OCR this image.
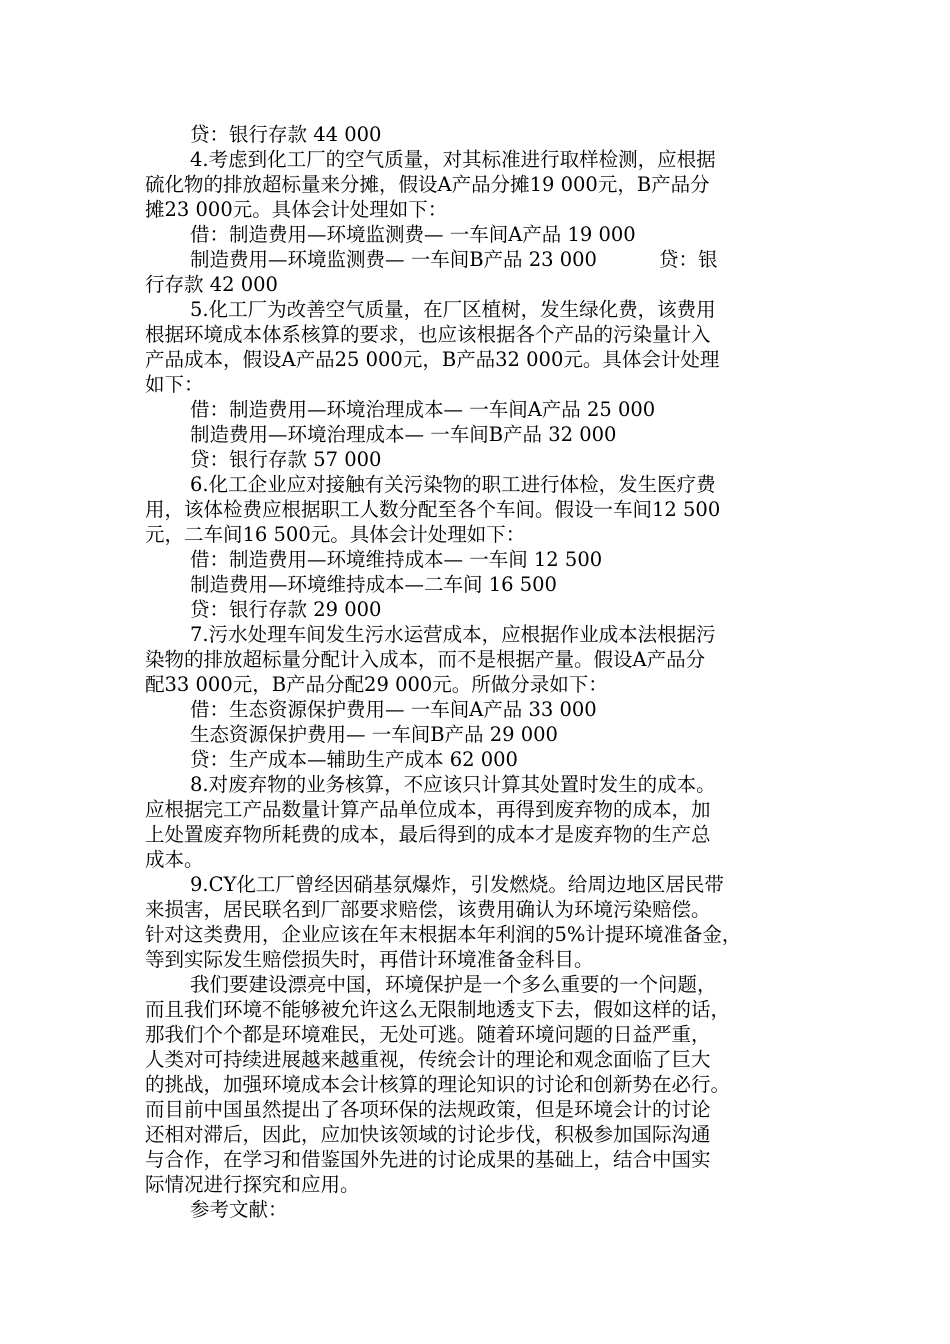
贷：银行存款 44 000
4.考虑到化工厂的空气质量，对其标准进行取样检测，应根据
硫化物的排放超标量来分摊，假设A产品分摊19 000元，B产品分
摊23 000元。具体会计处理如下：
借：制造费用—环境监测费— 一车间A产品 19 000
制造费用—环境监测费— 一车间B产品 23 000          贷：银
行存款 42 000
5.化工厂为改善空气质量，在厂区植树，发生绿化费，该费用
根据环境成本体系核算的要求，也应该根据各个产品的污染量计入
产品成本，假设A产品25 000元，B产品32 000元。具体会计处理
如下：
借：制造费用—环境治理成本— 一车间A产品 25 000
制造费用—环境治理成本— 一车间B产品 32 000
贷：银行存款 57 000
6.化工企业应对接触有关污染物的职工进行体检，发生医疗费
用，该体检费应根据职工人数分配至各个车间。假设一车间12 500
元，二车间16 500元。具体会计处理如下：
借：制造费用—环境维持成本— 一车间 12 500
制造费用—环境维持成本—二车间 16 500
贷：银行存款 29 000
7.污水处理车间发生污水运营成本，应根据作业成本法根据污
染物的排放超标量分配计入成本，而不是根据产量。假设A产品分
配33 000元，B产品分配29 000元。所做分录如下：
借：生态资源保护费用— 一车间A产品 33 000
生态资源保护费用— 一车间B产品 29 000
贷：生产成本—辅助生产成本 62 000
8.对废弃物的业务核算，不应该只计算其处置时发生的成本。
应根据完工产品数量计算产品单位成本，再得到废弃物的成本，加
上处置废弃物所耗费的成本，最后得到的成本才是废弃物的生产总
成本。
9.CY化工厂曾经因硝基氛爆炸，引发燃烧。给周边地区居民带
来损害，居民联名到厂部要求赔偿，该费用确认为环境污染赔偿。
针对这类费用，企业应该在年末根据本年利润的5%计提环境准备金，
等到实际发生赔偿损失时，再借计环境准备金科目。
我们要建设漂亮中国，环境保护是一个多么重要的一个问题，
而且我们环境不能够被允许这么无限制地透支下去，假如这样的话，
那我们个个都是环境难民，无处可逃。随着环境问题的日益严重，
人类对可持续进展越来越重视，传统会计的理论和观念面临了巨大
的挑战，加强环境成本会计核算的理论知识的讨论和创新势在必行。
而目前中国虽然提出了各项环保的法规政策，但是环境会计的讨论
还相对滞后，因此，应加快该领域的讨论步伐，积极参加国际沟通
与合作，在学习和借鉴国外先进的讨论成果的基础上，结合中国实
际情况进行探究和应用。
参考文献：
